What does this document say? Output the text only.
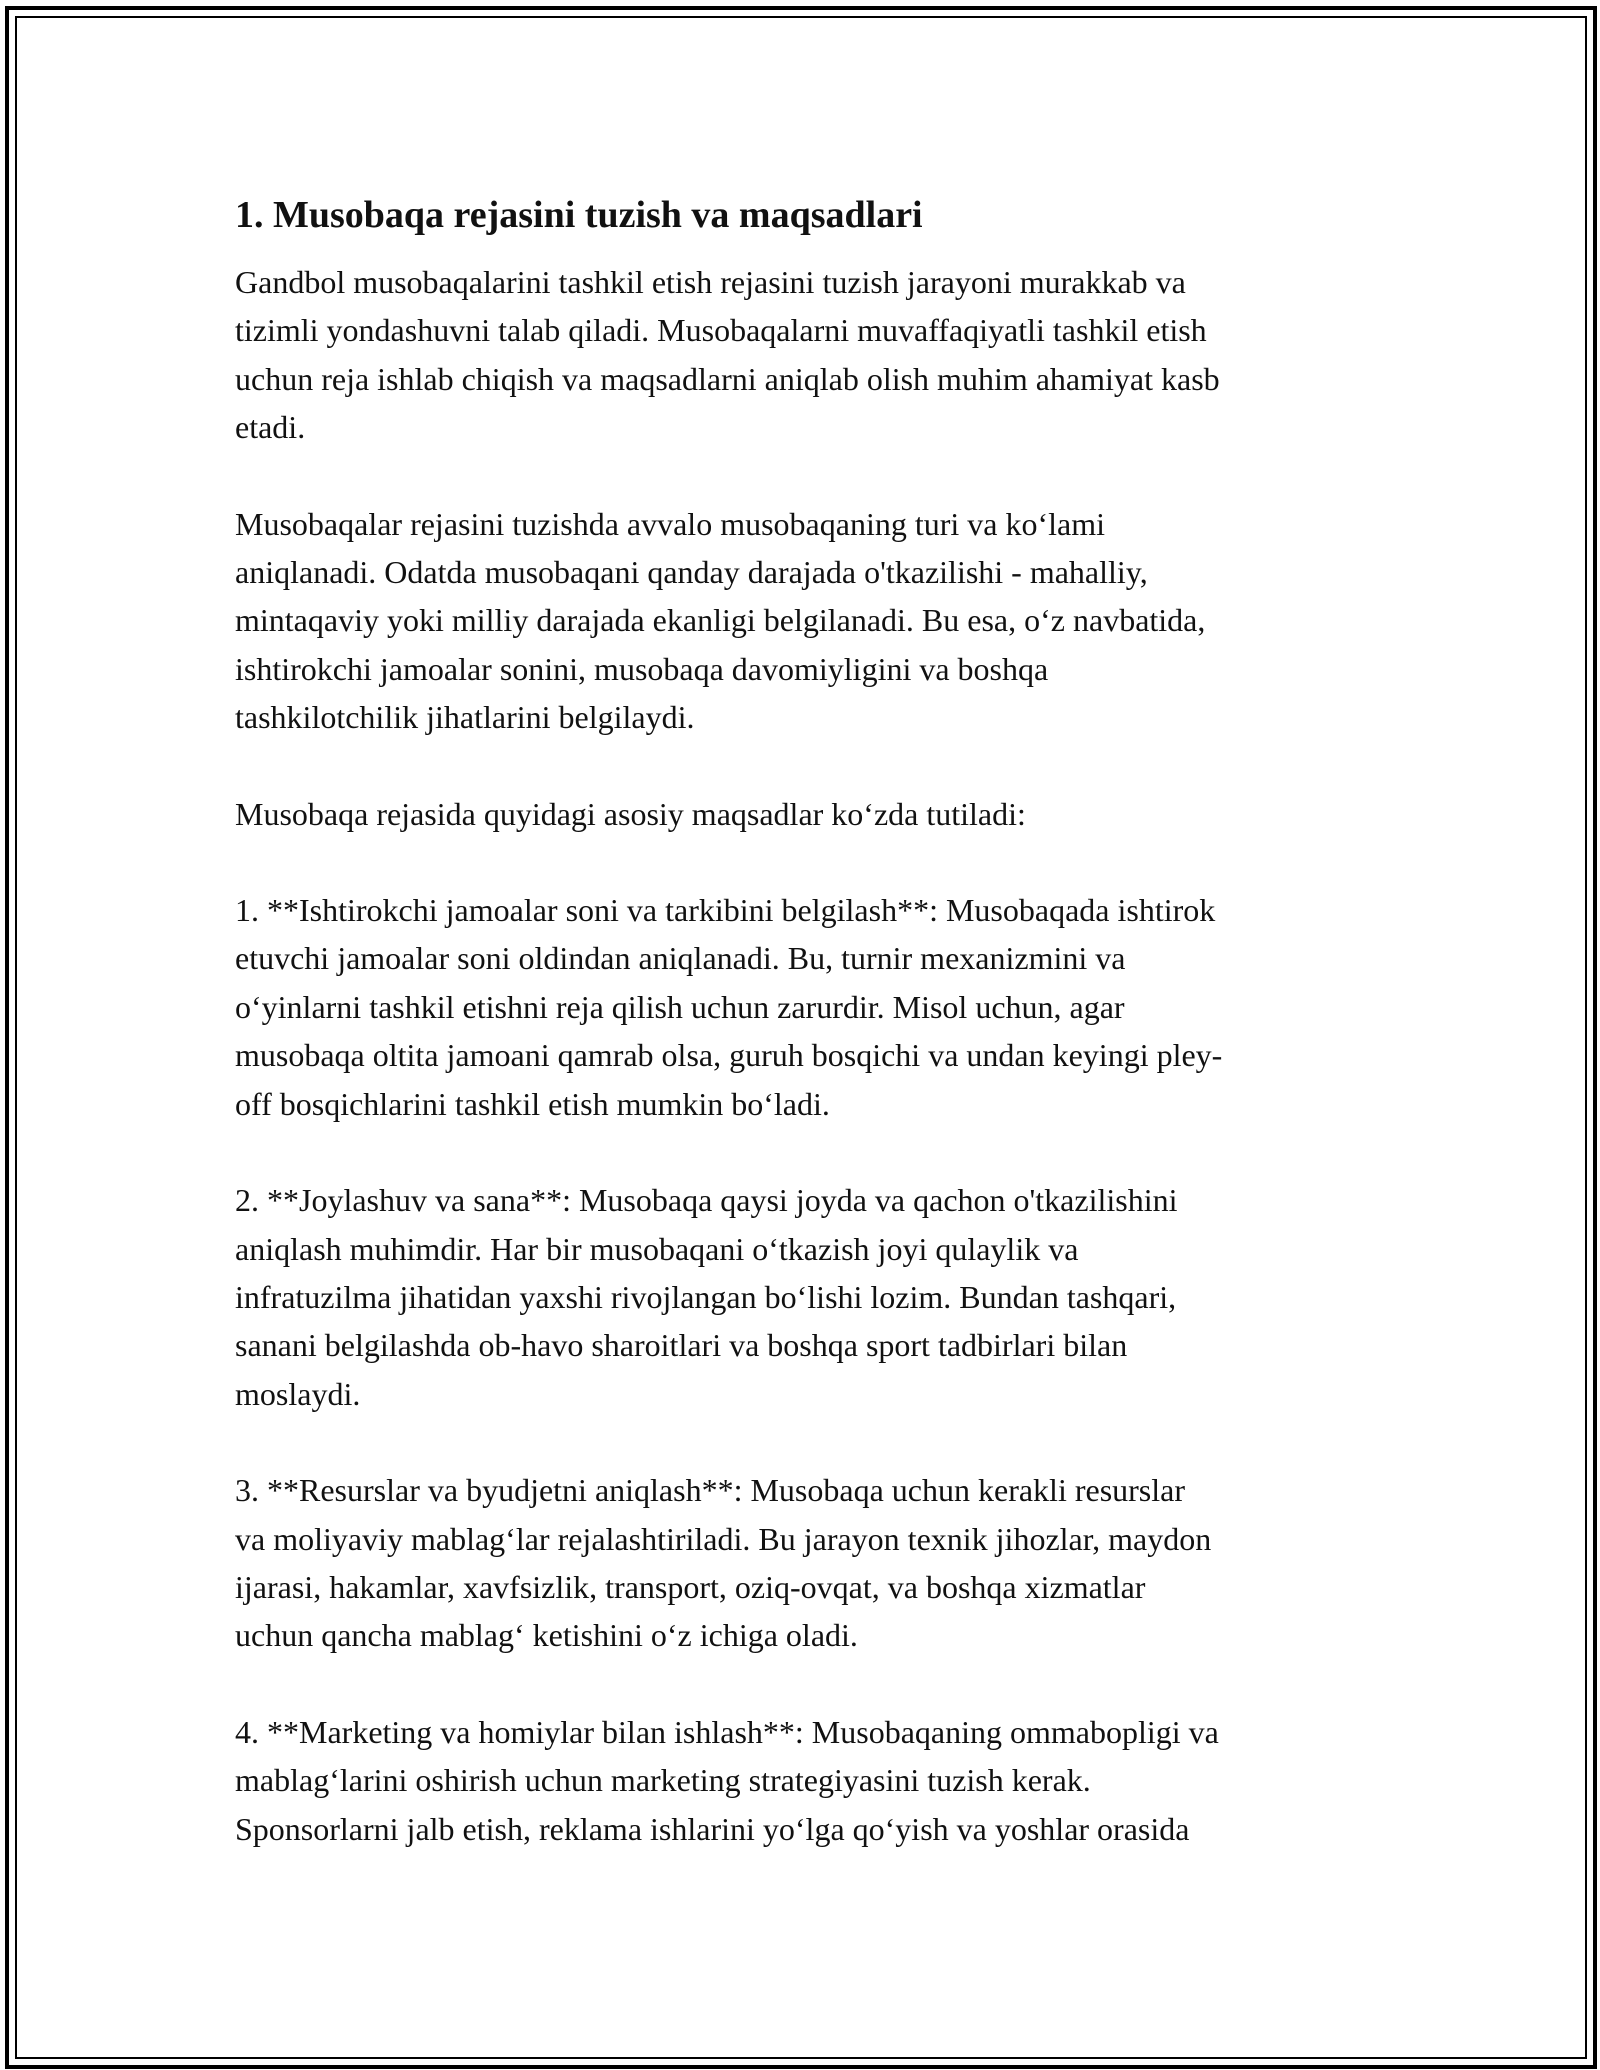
1. Musobaqa rejasini tuzish va maqsadlari

Gandbol musobaqalarini tashkil etish rejasini tuzish jarayoni murakkab va
tizimli yondashuvni talab qiladi. Musobaqalarni muvaffaqiyatli tashkil etish
uchun reja ishlab chiqish va maqsadlarni aniqlab olish muhim ahamiyat kasb
etadi.

Musobaqalar rejasini tuzishda avvalo musobaqaning turi va ko‘lami
aniqlanadi. Odatda musobaqani qanday darajada o'tkazilishi - mahalliy,
mintaqaviy yoki milliy darajada ekanligi belgilanadi. Bu esa, o‘z navbatida,
ishtirokchi jamoalar sonini, musobaqa davomiyligini va boshqa
tashkilotchilik jihatlarini belgilaydi.

Musobaqa rejasida quyidagi asosiy maqsadlar ko‘zda tutiladi:

1. **Ishtirokchi jamoalar soni va tarkibini belgilash**: Musobaqada ishtirok
etuvchi jamoalar soni oldindan aniqlanadi. Bu, turnir mexanizmini va
o‘yinlarni tashkil etishni reja qilish uchun zarurdir. Misol uchun, agar
musobaqa oltita jamoani qamrab olsa, guruh bosqichi va undan keyingi pley-
off bosqichlarini tashkil etish mumkin bo‘ladi.

2. **Joylashuv va sana**: Musobaqa qaysi joyda va qachon o'tkazilishini
aniqlash muhimdir. Har bir musobaqani o‘tkazish joyi qulaylik va
infratuzilma jihatidan yaxshi rivojlangan bo‘lishi lozim. Bundan tashqari,
sanani belgilashda ob-havo sharoitlari va boshqa sport tadbirlari bilan
moslaydi.

3. **Resurslar va byudjetni aniqlash**: Musobaqa uchun kerakli resurslar
va moliyaviy mablag‘lar rejalashtiriladi. Bu jarayon texnik jihozlar, maydon
ijarasi, hakamlar, xavfsizlik, transport, oziq-ovqat, va boshqa xizmatlar
uchun qancha mablag‘ ketishini o‘z ichiga oladi.

4. **Marketing va homiylar bilan ishlash**: Musobaqaning ommabopligi va
mablag‘larini oshirish uchun marketing strategiyasini tuzish kerak.
Sponsorlarni jalb etish, reklama ishlarini yo‘lga qo‘yish va yoshlar orasida
